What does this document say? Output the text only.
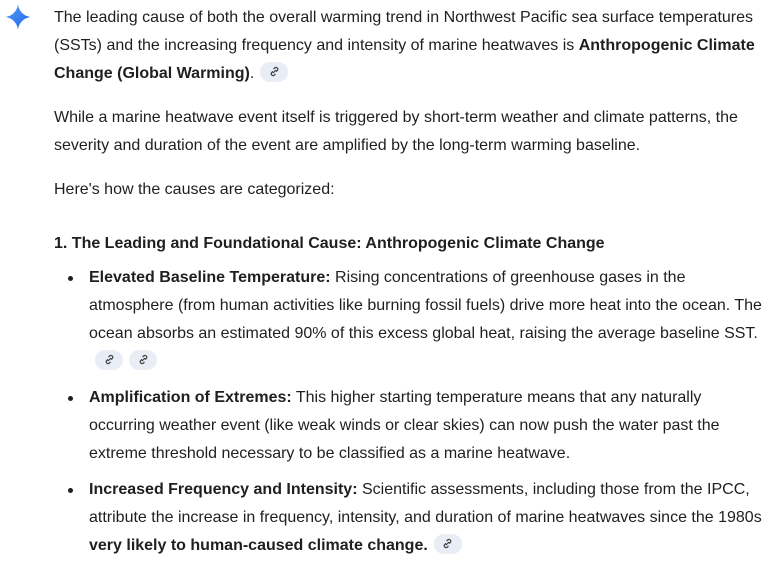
The leading cause of both the overall warming trend in Northwest Pacific sea surface temperatures (SSTs) and the increasing frequency and intensity of marine heatwaves is Anthropogenic Climate Change (Global Warming).

While a marine heatwave event itself is triggered by short-term weather and climate patterns, the severity and duration of the event are amplified by the long-term warming baseline.

Here's how the causes are categorized:

1. The Leading and Foundational Cause: Anthropogenic Climate Change

Elevated Baseline Temperature: Rising concentrations of greenhouse gases in the atmosphere (from human activities like burning fossil fuels) drive more heat into the ocean. The ocean absorbs an estimated 90% of this excess global heat, raising the average baseline SST.
Amplification of Extremes: This higher starting temperature means that any naturally occurring weather event (like weak winds or clear skies) can now push the water past the extreme threshold necessary to be classified as a marine heatwave.
Increased Frequency and Intensity: Scientific assessments, including those from the IPCC, attribute the increase in frequency, intensity, and duration of marine heatwaves since the 1980s very likely to human-caused climate change.
